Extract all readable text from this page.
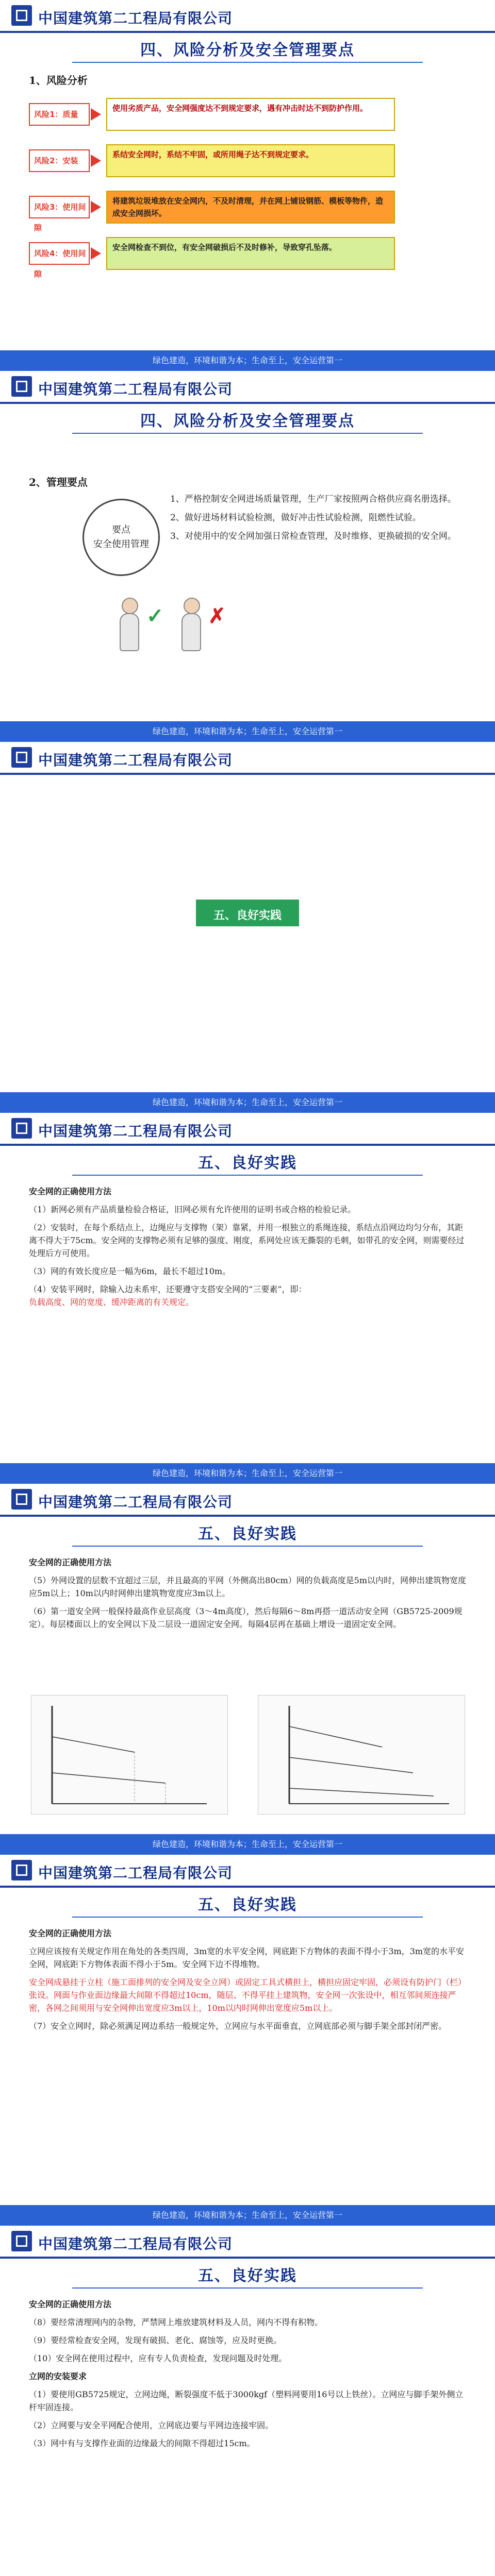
中国建筑第二工程局有限公司
四、风险分析及安全管理要点
1、风险分析
风险1：质量
使用劣质产品，安全网强度达不到规定要求，遇有冲击时达不到防护作用。
风险2：安装
系结安全网时，系结不牢固，或所用绳子达不到规定要求。
风险3：使用间隙
将建筑垃圾堆放在安全网内，不及时清理，并在网上铺设钢筋、模板等物件，造成安全网损坏。
风险4：使用间隙
安全网检查不到位，有安全网破损后不及时修补，导致穿孔坠落。
绿色建造，环境和谐为本；生命至上，安全运营第一
中国建筑第二工程局有限公司
四、风险分析及安全管理要点
2、管理要点
要点
安全使用管理
1、严格控制安全网进场质量管理，生产厂家按照两合格供应商名册选择。
2、做好进场材料试验检测，做好冲击性试验检测，阻燃性试验。
3、对使用中的安全网加强日常检查管理，及时维修、更换破损的安全网。
✓ ✗
绿色建造，环境和谐为本；生命至上，安全运营第一
中国建筑第二工程局有限公司
五、良好实践
绿色建造，环境和谐为本；生命至上，安全运营第一
中国建筑第二工程局有限公司
五、良好实践

安全网的正确使用方法

（1）新网必须有产品质量检验合格证，旧网必须有允许使用的证明书或合格的检验记录。

（2）安装时，在每个系结点上，边绳应与支撑物（架）靠紧，并用一根独立的系绳连接，系结点沿网边均匀分布，其距离不得大于75cm。安全网的支撑物必须有足够的强度、刚度，系网处应该无撕裂的毛刺，如带孔的安全网，则需要经过处理后方可使用。

（3）网的有效长度应是一幅为6m，最长不超过10m。

（4）安装平网时，除输入边未系牢，还要遵守支搭安全网的“三要素”，即：

负载高度、网的宽度、缓冲距离的有关规定。

绿色建造，环境和谐为本；生命至上，安全运营第一
中国建筑第二工程局有限公司
五、良好实践

安全网的正确使用方法

（5）外网设置的层数不宜超过三层，并且最高的平网（外侧高出80cm）网的负载高度是5m以内时，网伸出建筑物宽度应5m以上；10m以内时网伸出建筑物宽度应3m以上。

（6）第一道安全网一般保持最高作业层高度（3～4m高度），然后每隔6～8m再搭一道活动安全网（GB5725-2009规定）。每层楼面以上的安全网以下及二层设一道固定安全网。每隔4层再在基础上增设一道固定安全网。

绿色建造，环境和谐为本；生命至上，安全运营第一
中国建筑第二工程局有限公司
五、良好实践

安全网的正确使用方法

立网应该按有关规定作用在角处的各类四周，3m宽的水平安全网，网底距下方物体的表面不得小于3m，3m宽的水平安全网，网底距下方物体表面不得小于5m。安全网下边不得堆物。

安全网成悬挂于立柱（施工面排列的安全网及安全立网）或固定工具式横担上，横担应固定牢固，必须设有防护门（栏）张设。网面与作业面边缘最大间隙不得超过10cm，随层、不得平挂上建筑物，安全网一次张设中，相互邻间须连接严密，各网之间须用与安全网伸出宽度应3m以上，10m以内时网伸出宽度应5m以上。

（7）安全立网时，除必须满足网边系结一般规定外，立网应与水平面垂直，立网底部必须与脚手架全部封闭严密。

绿色建造，环境和谐为本；生命至上，安全运营第一
中国建筑第二工程局有限公司
五、良好实践

安全网的正确使用方法

（8）要经常清理网内的杂物，严禁网上堆放建筑材料及人员，网内不得有积物。

（9）要经常检查安全网，发现有破损、老化、腐蚀等，应及时更换。

（10）安全网在使用过程中，应有专人负责检查，发现问题及时处理。

立网的安装要求

（1）要使用GB5725规定，立网边绳，断裂强度不低于3000kgf（塑料网要用16号以上铁丝）。立网应与脚手架外侧立杆牢固连接。

（2）立网要与安全平网配合使用，立网底边要与平网边连接牢固。

（3）网中有与支撑作业面的边缘最大的间隙不得超过15cm。
